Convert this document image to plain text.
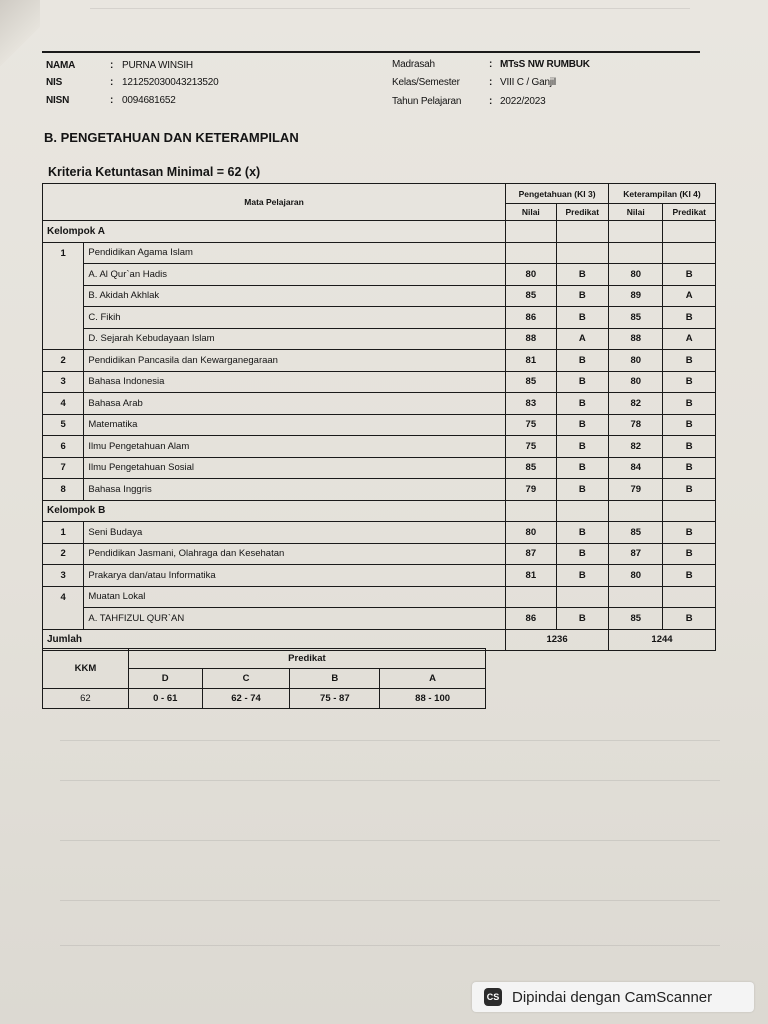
NAMA	: PURNA WINSIH
NIS	: 121252030043213520
NISN	: 0094681652
Madrasah	: MTsS NW RUMBUK
Kelas/Semester	: VIII C / Ganjil
Tahun Pelajaran	: 2022/2023
B. PENGETAHUAN DAN KETERAMPILAN
Kriteria Ketuntasan Minimal = 62 (x)
Mata Pelajaran		Pengetahuan (KI 3)		Keterampilan (KI 4)	
		Nilai	Predikat	Nilai	Predikat
Kelompok A					
1	Pendidikan Agama Islam				
	A. Al Qur`an Hadis	80	B	80	B
	B. Akidah Akhlak	85	B	89	A
	C. Fikih	86	B	85	B
	D. Sejarah Kebudayaan Islam	88	A	88	A
2	Pendidikan Pancasila dan Kewarganegaraan	81	B	80	B
3	Bahasa Indonesia	85	B	80	B
4	Bahasa Arab	83	B	82	B
5	Matematika	75	B	78	B
6	Ilmu Pengetahuan Alam	75	B	82	B
7	Ilmu Pengetahuan Sosial	85	B	84	B
8	Bahasa Inggris	79	B	79	B
Kelompok B					
1	Seni Budaya	80	B	85	B
2	Pendidikan Jasmani, Olahraga dan Kesehatan	87	B	87	B
3	Prakarya dan/atau Informatika	81	B	80	B
4	Muatan Lokal				
	A. TAHFIZUL QUR`AN	86	B	85	B
Jumlah		1236		1244	
KKM	Predikat			
	D	C	B	A
62	0 - 61	62 - 74	75 - 87	88 - 100
CS Dipindai dengan CamScanner
